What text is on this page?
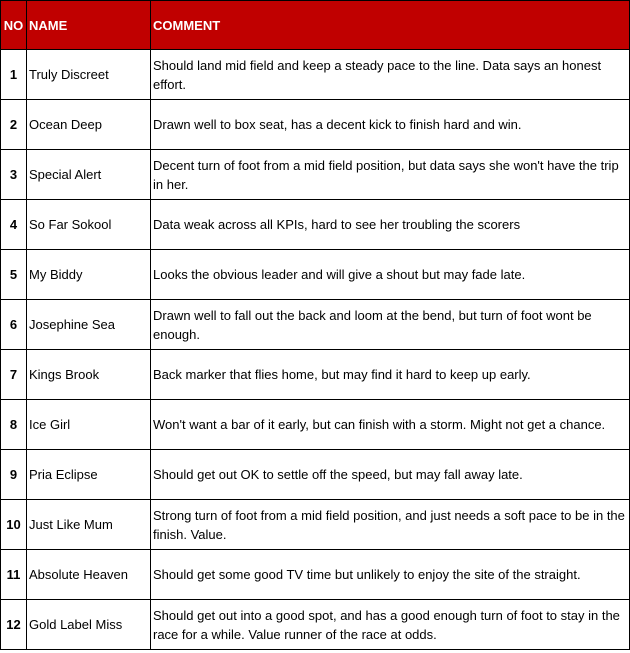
NO	NAME	COMMENT
1	Truly Discreet	Should land mid field and keep a steady pace to the line. Data says an honest effort.
2	Ocean Deep	Drawn well to box seat, has a decent kick to finish hard and win.
3	Special Alert	Decent turn of foot from a mid field position, but data says she won't have the trip in her.
4	So Far Sokool	Data weak across all KPIs, hard to see her troubling the scorers
5	My Biddy	Looks the obvious leader and will give a shout but may fade late.
6	Josephine Sea	Drawn well to fall out the back and loom at the bend, but turn of foot wont be enough.
7	Kings Brook	Back marker that flies home, but may find it hard to keep up early.
8	Ice Girl	Won't want a bar of it early, but can finish with a storm. Might not get a chance.
9	Pria Eclipse	Should get out OK to settle off the speed, but may fall away late.
10	Just Like Mum	Strong turn of foot from a mid field position, and just needs a soft pace to be in the finish. Value.
11	Absolute Heaven	Should get some good TV time but unlikely to enjoy the site of the straight.
12	Gold Label Miss	Should get out into a good spot, and has a good enough turn of foot to stay in the race for a while. Value runner of the race at odds.
